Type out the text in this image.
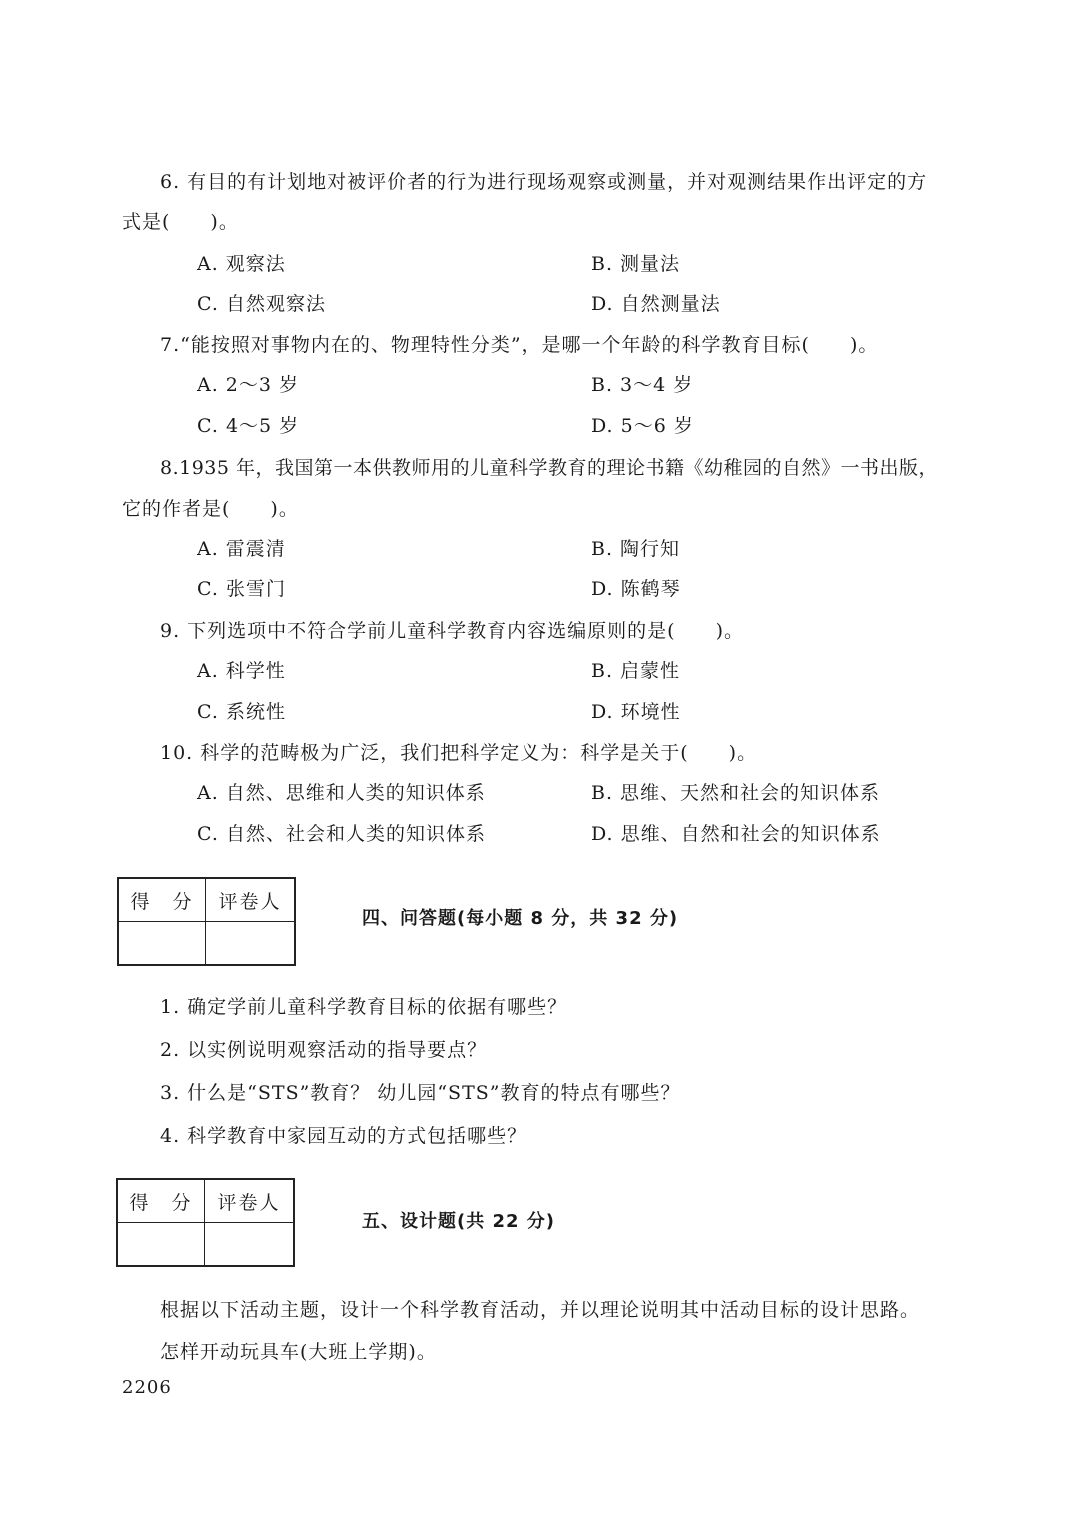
6. 有目的有计划地对被评价者的行为进行现场观察或测量，并对观测结果作出评定的方
式是(　　)。
A. 观察法	B. 测量法
C. 自然观察法	D. 自然测量法
7.“能按照对事物内在的、物理特性分类”，是哪一个年龄的科学教育目标(　　)。
A. 2～3 岁	B. 3～4 岁
C. 4～5 岁	D. 5～6 岁
8.1935 年，我国第一本供教师用的儿童科学教育的理论书籍《幼稚园的自然》一书出版，
它的作者是(　　)。
A. 雷震清	B. 陶行知
C. 张雪门	D. 陈鹤琴
9. 下列选项中不符合学前儿童科学教育内容选编原则的是(　　)。
A. 科学性	B. 启蒙性
C. 系统性	D. 环境性
10. 科学的范畴极为广泛，我们把科学定义为：科学是关于(　　)。
A. 自然、思维和人类的知识体系	B. 思维、天然和社会的知识体系
C. 自然、社会和人类的知识体系	D. 思维、自然和社会的知识体系
得　分	评卷人

四、问答题(每小题 8 分，共 32 分)
1. 确定学前儿童科学教育目标的依据有哪些？
2. 以实例说明观察活动的指导要点？
3. 什么是“STS”教育？ 幼儿园“STS”教育的特点有哪些？
4. 科学教育中家园互动的方式包括哪些？
得　分	评卷人

五、设计题(共 22 分)
根据以下活动主题，设计一个科学教育活动，并以理论说明其中活动目标的设计思路。
怎样开动玩具车(大班上学期)。
2206
